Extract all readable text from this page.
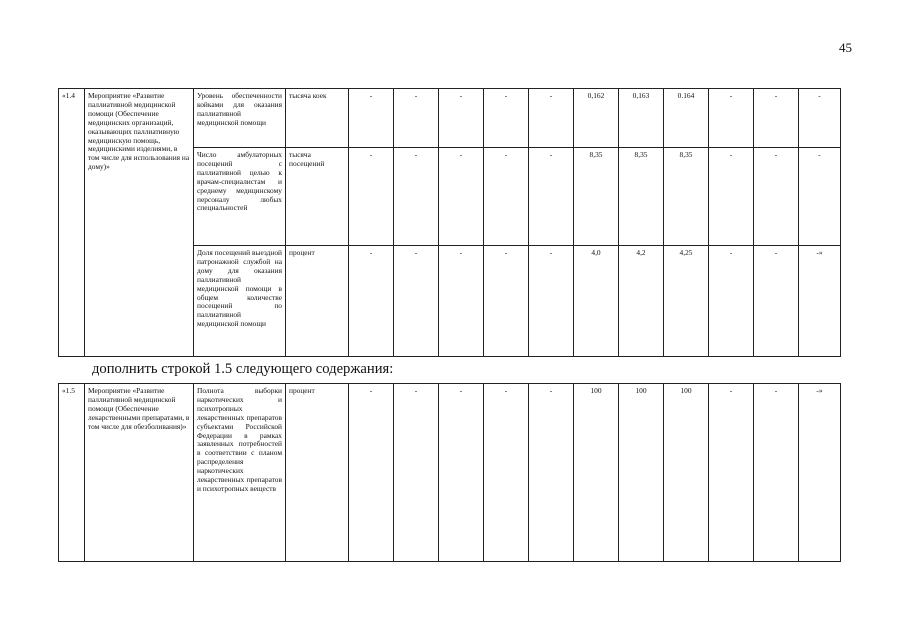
45
«1.4	Мероприятие «Развитие паллиативной медицинской помощи (Обеспечение медицинских организаций, оказывающих паллиативную медицинскую помощь, медицинскими изделиями, в том числе для использования на дому)»	Уровень обеспеченности койками для оказания паллиативной медицинской помощи	тысяча коек	-	-	-	-	-	0,162	0,163	0.164	-	-	-
		Число амбулаторных посещений с паллиативной целью к врачам-специалистам и среднему медицинскому персоналу любых специальностей	тысяча посещений	-	-	-	-	-	8,35	8,35	8,35	-	-	-
		Доля посещений выездной патронажной службой на дому для оказания паллиативной медицинской помощи в общем количестве посещений по паллиативной медицинской помощи	процент	-	-	-	-	-	4,0	4,2	4,25	-	-	-»
дополнить строкой 1.5 следующего содержания:
«1.5	Мероприятие «Развитие паллиативной медицинской помощи (Обеспечение лекарственными препаратами, в том числе для обезболивания)»	Полнота выборки наркотических и психотропных лекарственных препаратов субъектами Российской Федерации в рамках заявленных потребностей в соответствии с планом распределения наркотических лекарственных препаратов и психотропных веществ	процент	-	-	-	-	-	100	100	100	-	-	-»
